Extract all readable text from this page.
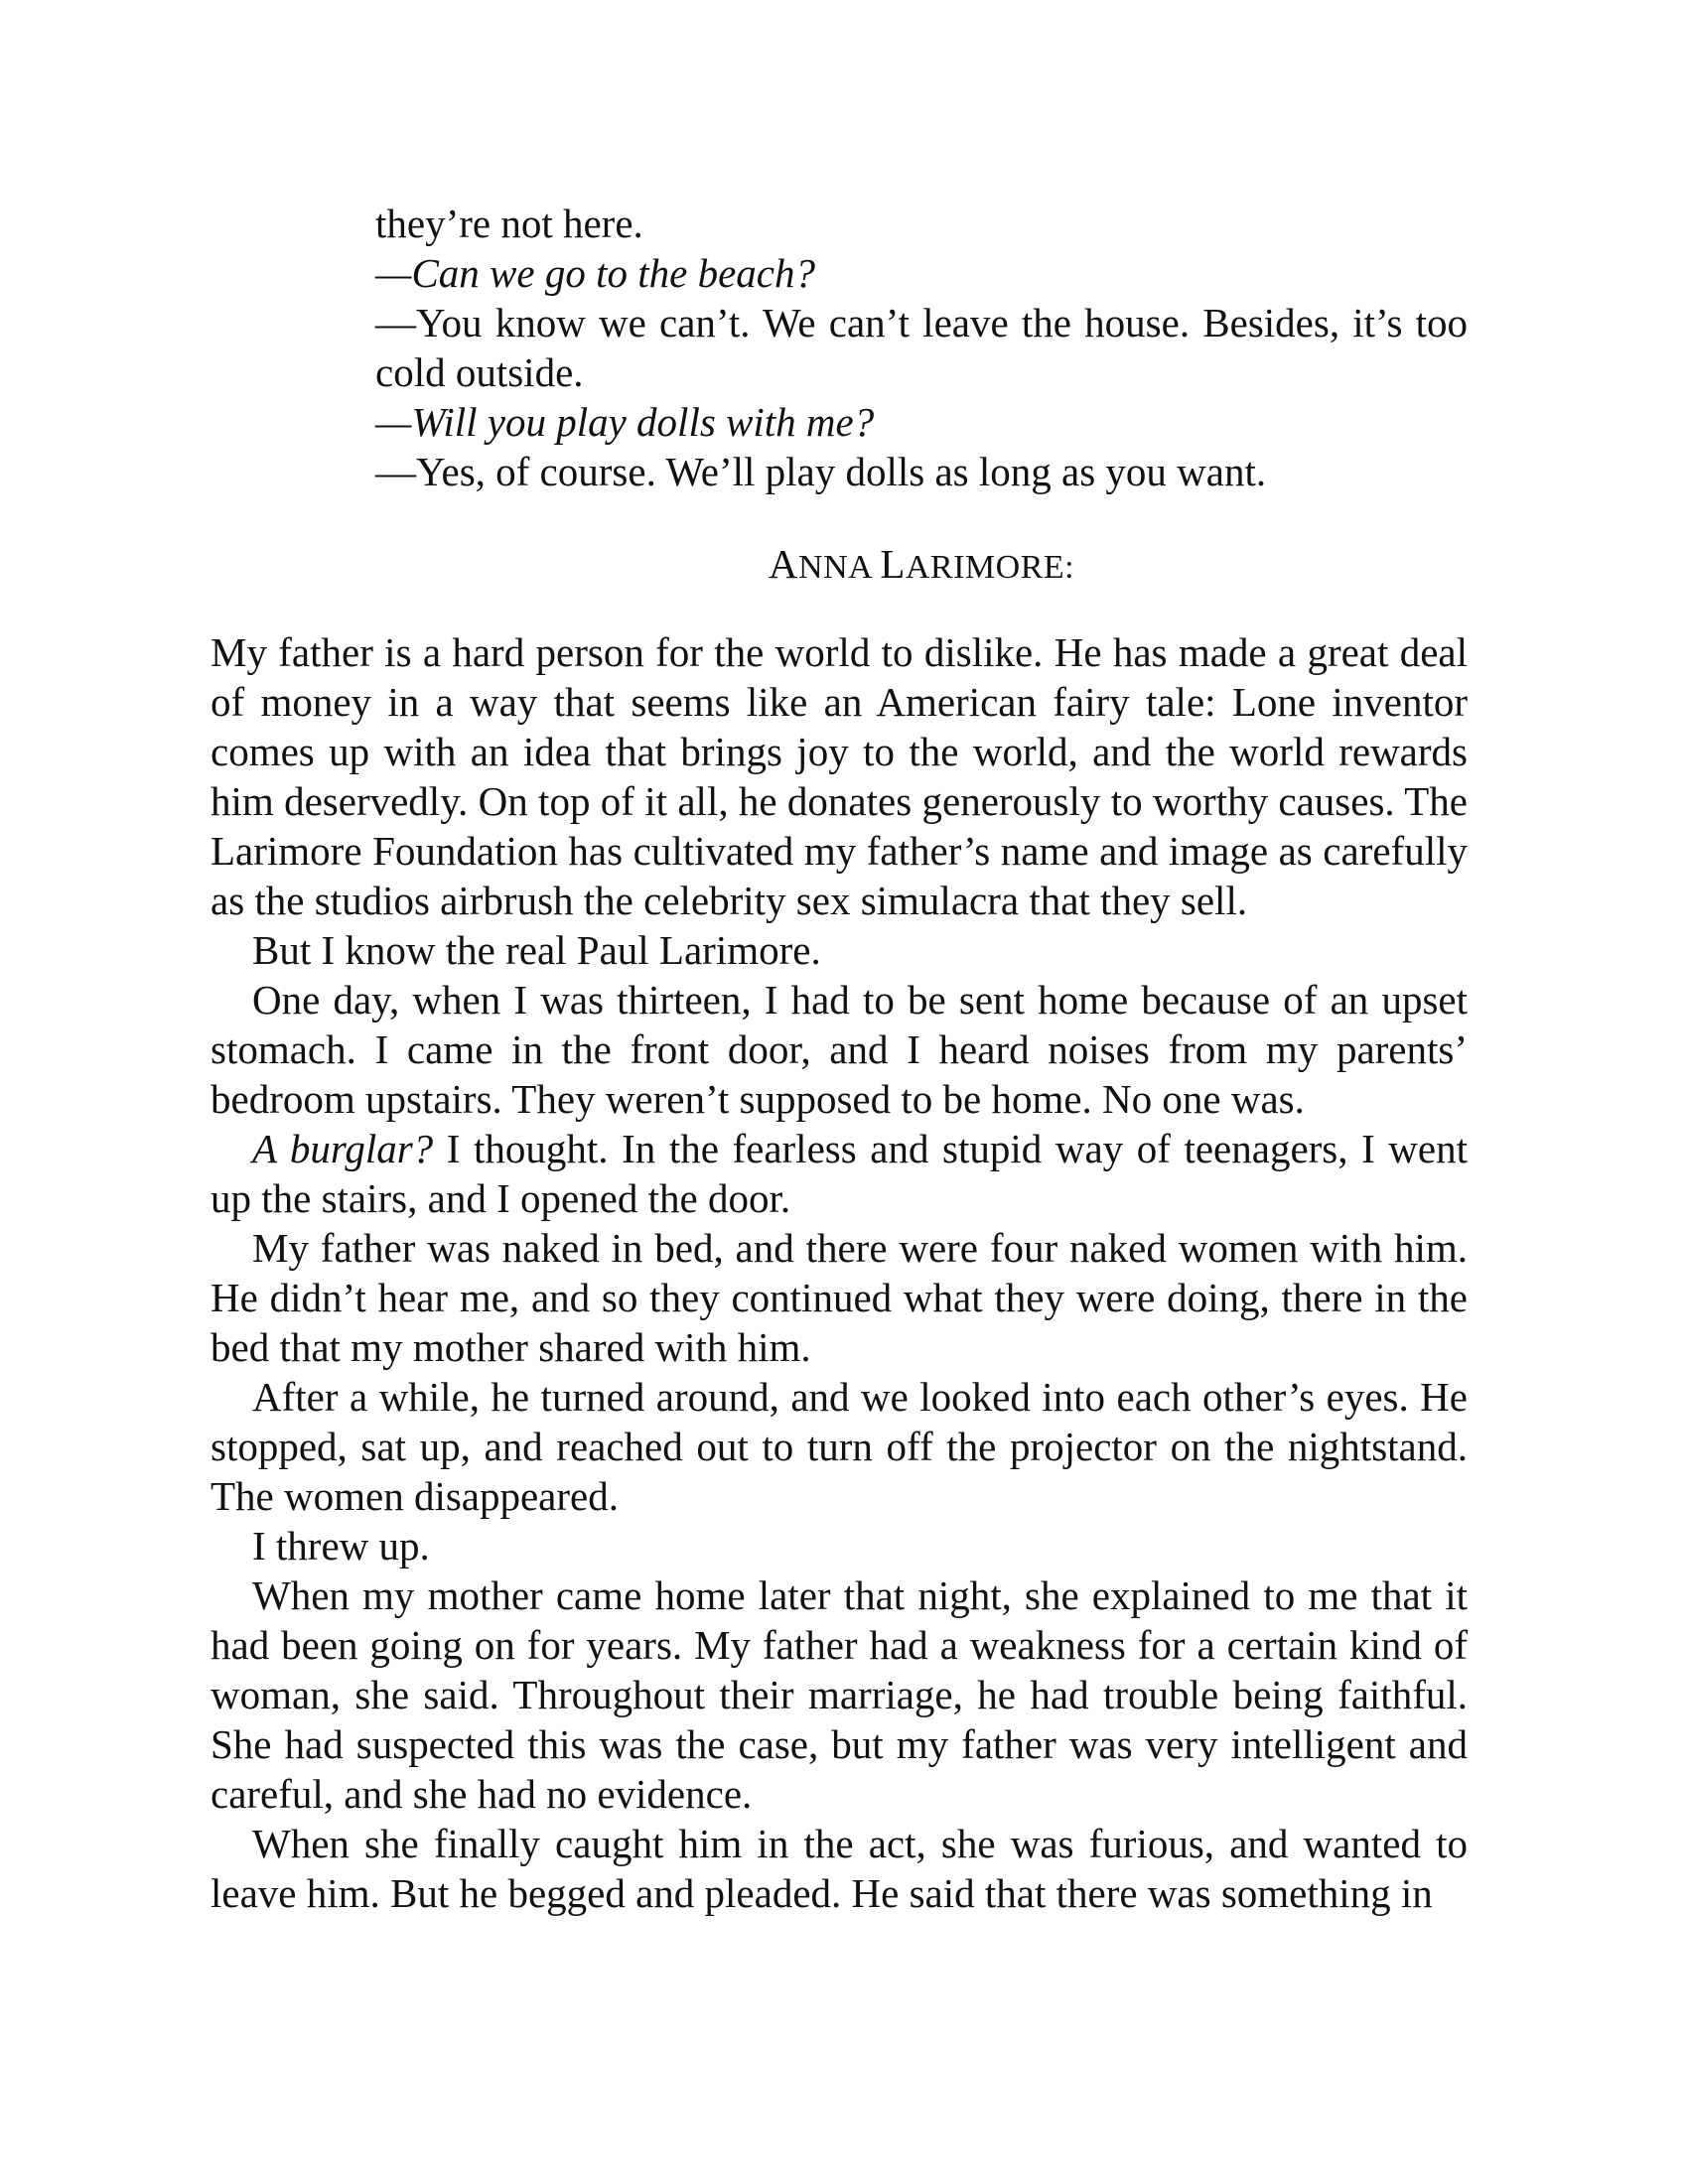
they’re not here.

—Can we go to the beach?

—You know we can’t. We can’t leave the house. Besides, it’s too cold outside.

—Will you play dolls with me?

—Yes, of course. We’ll play dolls as long as you want.

ANNA LARIMORE:

My father is a hard person for the world to dislike. He has made a great deal of money in a way that seems like an American fairy tale: Lone inventor comes up with an idea that brings joy to the world, and the world rewards him deservedly. On top of it all, he donates generously to worthy causes. The Larimore Foundation has cultivated my father’s name and image as carefully as the studios airbrush the celebrity sex simulacra that they sell.

But I know the real Paul Larimore.

One day, when I was thirteen, I had to be sent home because of an upset stomach. I came in the front door, and I heard noises from my parents’ bedroom upstairs. They weren’t supposed to be home. No one was.

A burglar? I thought. In the fearless and stupid way of teenagers, I went up the stairs, and I opened the door.

My father was naked in bed, and there were four naked women with him. He didn’t hear me, and so they continued what they were doing, there in the bed that my mother shared with him.

After a while, he turned around, and we looked into each other’s eyes. He stopped, sat up, and reached out to turn off the projector on the nightstand. The women disappeared.

I threw up.

When my mother came home later that night, she explained to me that it had been going on for years. My father had a weakness for a certain kind of woman, she said. Throughout their marriage, he had trouble being faithful. She had suspected this was the case, but my father was very intelligent and careful, and she had no evidence.

When she finally caught him in the act, she was furious, and wanted to leave him. But he begged and pleaded. He said that there was something in
